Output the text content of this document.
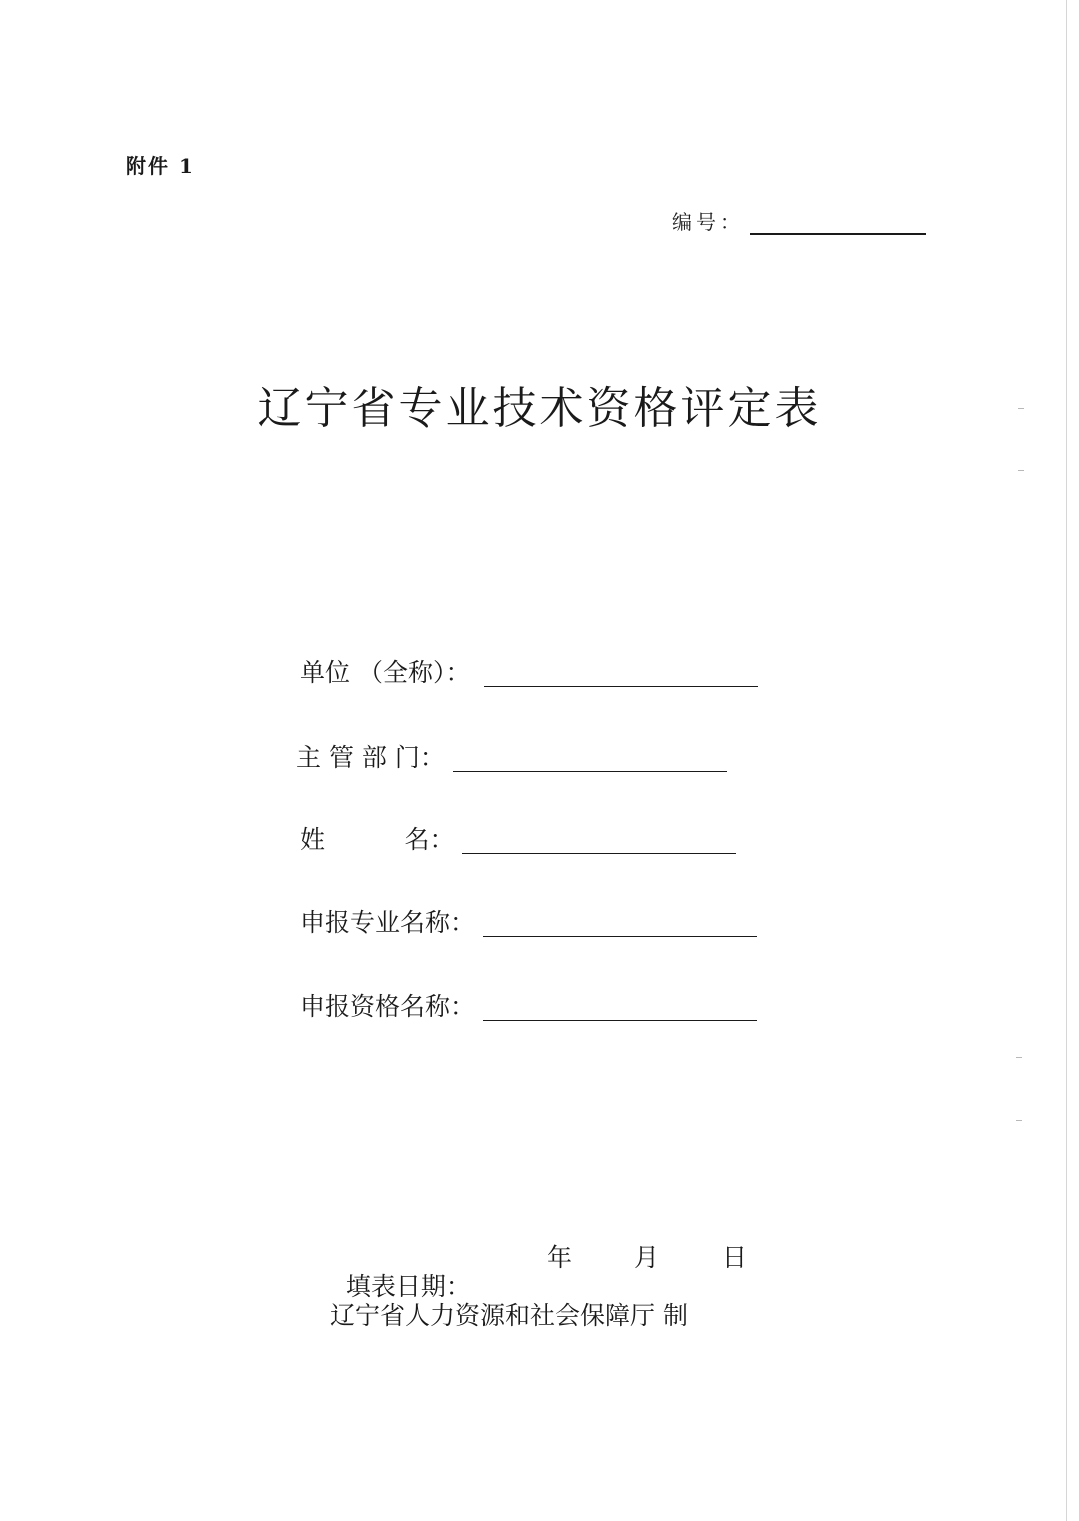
附件 1
编号：
辽宁省专业技术资格评定表
单位 （全称）：
主 管 部 门：
姓          名：
申报专业名称：
申报资格名称：

填表日期：

年 月	日
辽宁省人力资源和社会保障厅 制
